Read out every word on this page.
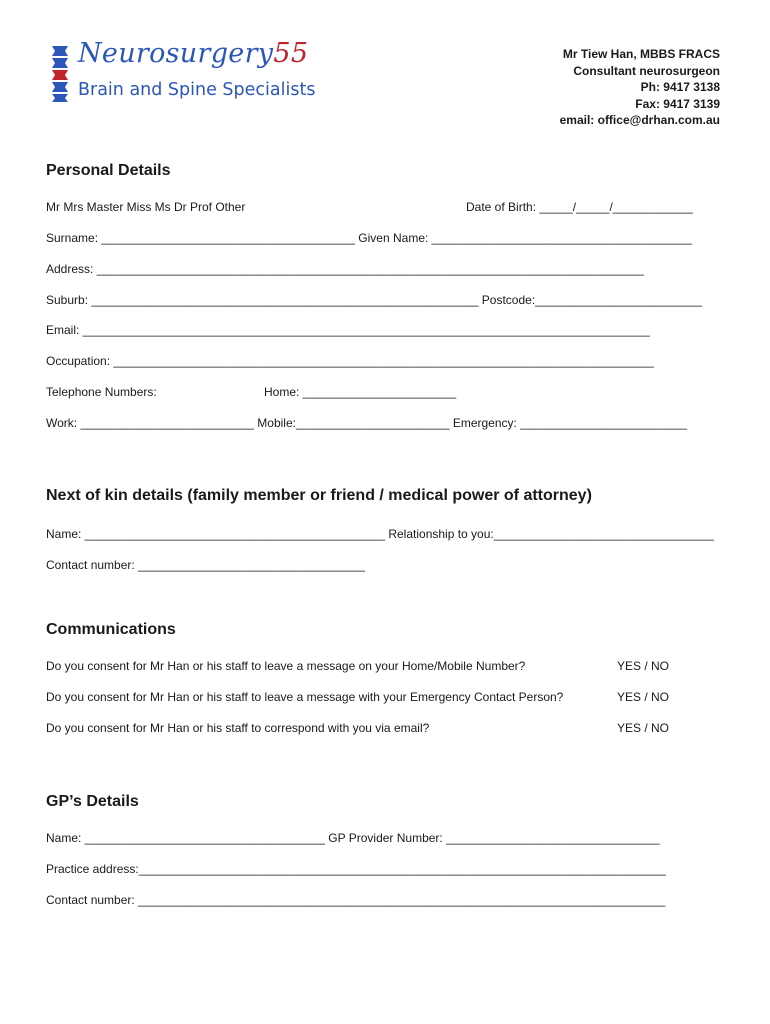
Neurosurgery55
Brain and Spine Specialists
Mr Tiew Han, MBBS FRACS
Consultant neurosurgeon
Ph: 9417 3138
Fax: 9417 3139
email: office@drhan.com.au
Personal Details
Mr Mrs Master Miss Ms Dr Prof Other	Date of Birth: _____/_____/____________
Surname: ______________________________________ Given Name: _______________________________________
Address: __________________________________________________________________________________
Suburb: __________________________________________________________ Postcode:_________________________
Email: _____________________________________________________________________________________
Occupation: _________________________________________________________________________________
Telephone Numbers:	Home: _______________________
Work: __________________________ Mobile:_______________________ Emergency: _________________________
Next of kin details (family member or friend / medical power of attorney)
Name: _____________________________________________ Relationship to you:_________________________________
Contact number: __________________________________
Communications
Do you consent for Mr Han or his staff to leave a message on your Home/Mobile Number?	YES / NO
Do you consent for Mr Han or his staff to leave a message with your Emergency Contact Person?	YES / NO
Do you consent for Mr Han or his staff to correspond with you via email?	YES / NO
GP’s Details
Name: ____________________________________ GP Provider Number: ________________________________
Practice address:_______________________________________________________________________________
Contact number: _______________________________________________________________________________
